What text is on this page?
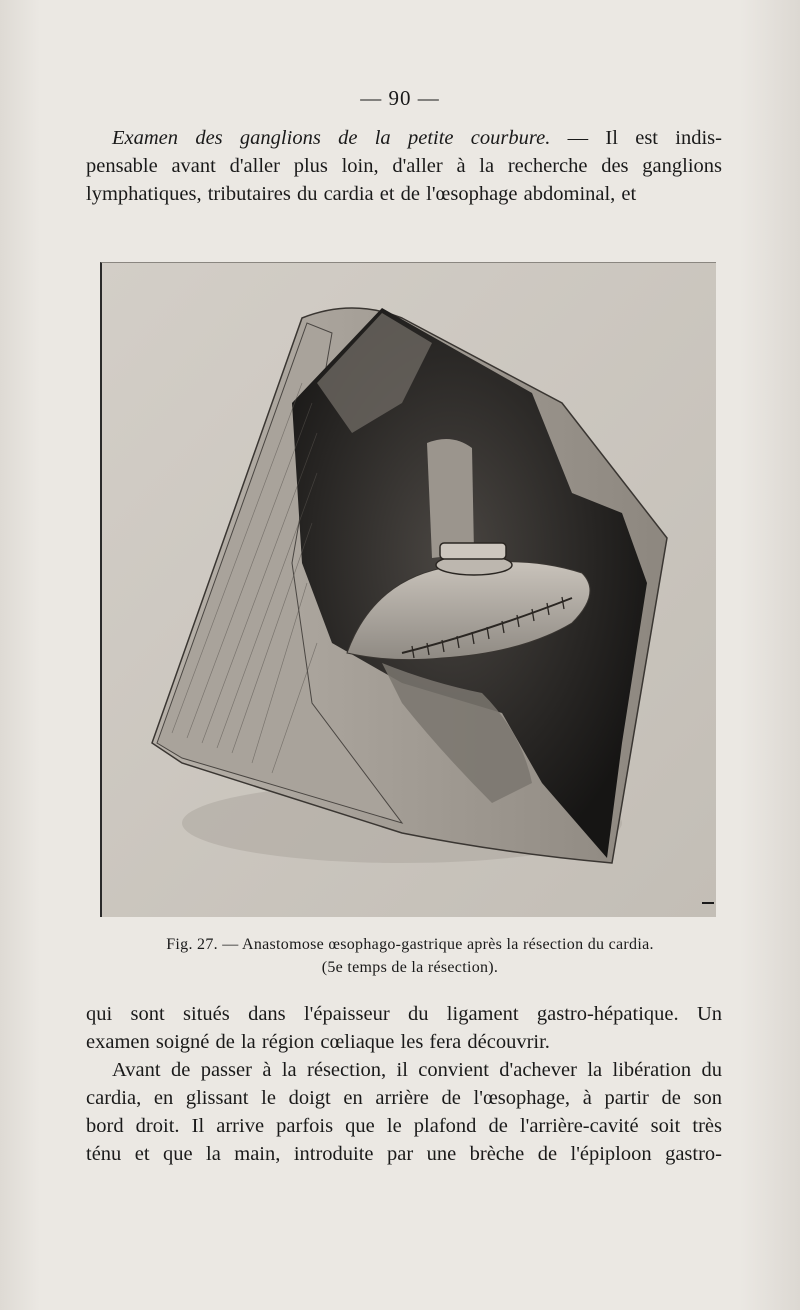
— 90 —
Examen des ganglions de la petite courbure. — Il est indis-
pensable avant d'aller plus loin, d'aller à la recherche des ganglions
lymphatiques, tributaires du cardia et de l'œsophage abdominal, et
Fig. 27. — Anastomose œsophago-gastrique après la résection du cardia.
(5e temps de la résection).
qui sont situés dans l'épaisseur du ligament gastro-hépatique. Un
examen soigné de la région cœliaque les fera découvrir.
Avant de passer à la résection, il convient d'achever la libération du
cardia, en glissant le doigt en arrière de l'œsophage, à partir de son
bord droit. Il arrive parfois que le plafond de l'arrière-cavité soit très
ténu et que la main, introduite par une brèche de l'épiploon gastro-
